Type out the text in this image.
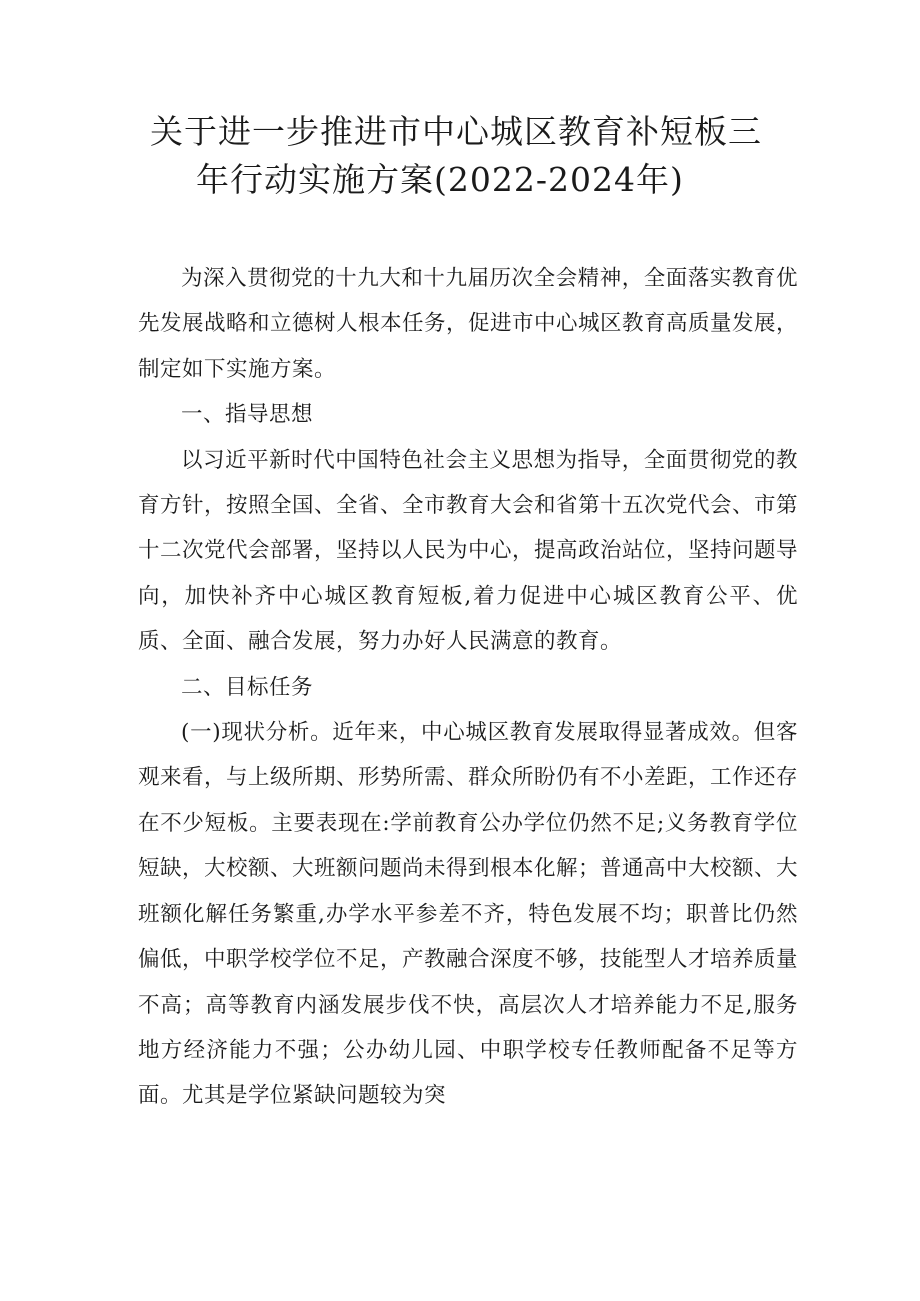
关于进一步推进市中心城区教育补短板三
年行动实施方案(2022-2024年)

为深入贯彻党的十九大和十九届历次全会精神，全面落实教育优先发展战略和立德树人根本任务，促进市中心城区教育高质量发展，制定如下实施方案。

一、指导思想

以习近平新时代中国特色社会主义思想为指导，全面贯彻党的教育方针，按照全国、全省、全市教育大会和省第十五次党代会、市第十二次党代会部署，坚持以人民为中心，提高政治站位，坚持问题导向，加快补齐中心城区教育短板,着力促进中心城区教育公平、优质、全面、融合发展，努力办好人民满意的教育。

二、目标任务

(一)现状分析。近年来，中心城区教育发展取得显著成效。但客观来看，与上级所期、形势所需、群众所盼仍有不小差距，工作还存在不少短板。主要表现在:学前教育公办学位仍然不足;义务教育学位短缺，大校额、大班额问题尚未得到根本化解；普通高中大校额、大班额化解任务繁重,办学水平参差不齐，特色发展不均；职普比仍然偏低，中职学校学位不足，产教融合深度不够，技能型人才培养质量不高；高等教育内涵发展步伐不快，高层次人才培养能力不足,服务地方经济能力不强；公办幼儿园、中职学校专任教师配备不足等方面。尤其是学位紧缺问题较为突
